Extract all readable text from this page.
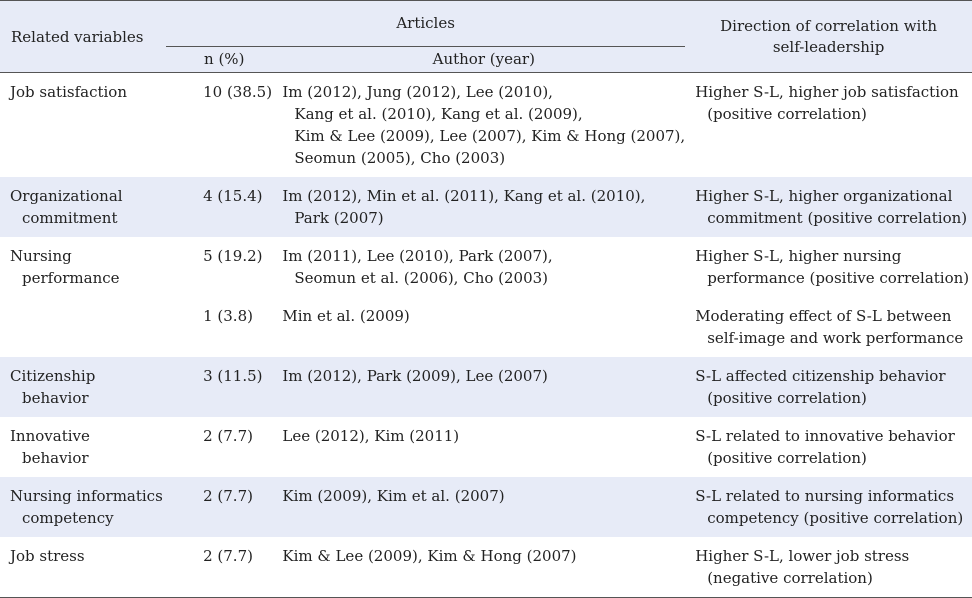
Related variables	Articles		Direction of correlation with
self-leadership

	n (%)	Author (year)	

Job satisfaction	10 (38.5)	Im (2012), Jung (2012), Lee (2010),
Kang et al. (2010), Kang et al. (2009),
Kim & Lee (2009), Lee (2007), Kim & Hong (2007),
Seomun (2005), Cho (2003)	Higher S-L, higher job satisfaction
(positive correlation)

Organizational
commitment	4 (15.4)	Im (2012), Min et al. (2011), Kang et al. (2010),
Park (2007)	Higher S-L, higher organizational
commitment (positive correlation)

Nursing
performance	5 (19.2)	Im (2011), Lee (2010), Park (2007),
Seomun et al. (2006), Cho (2003)	Higher S-L, higher nursing
performance (positive correlation)

	1 (3.8)	Min et al. (2009)	Moderating effect of S-L between
self-image and work performance

Citizenship
behavior	3 (11.5)	Im (2012), Park (2009), Lee (2007)	S-L affected citizenship behavior
(positive correlation)

Innovative
behavior	2 (7.7)	Lee (2012), Kim (2011)	S-L related to innovative behavior
(positive correlation)

Nursing informatics
competency	2 (7.7)	Kim (2009), Kim et al. (2007)	S-L related to nursing informatics
competency (positive correlation)

Job stress	2 (7.7)	Kim & Lee (2009), Kim & Hong (2007)	Higher S-L, lower job stress
(negative correlation)
